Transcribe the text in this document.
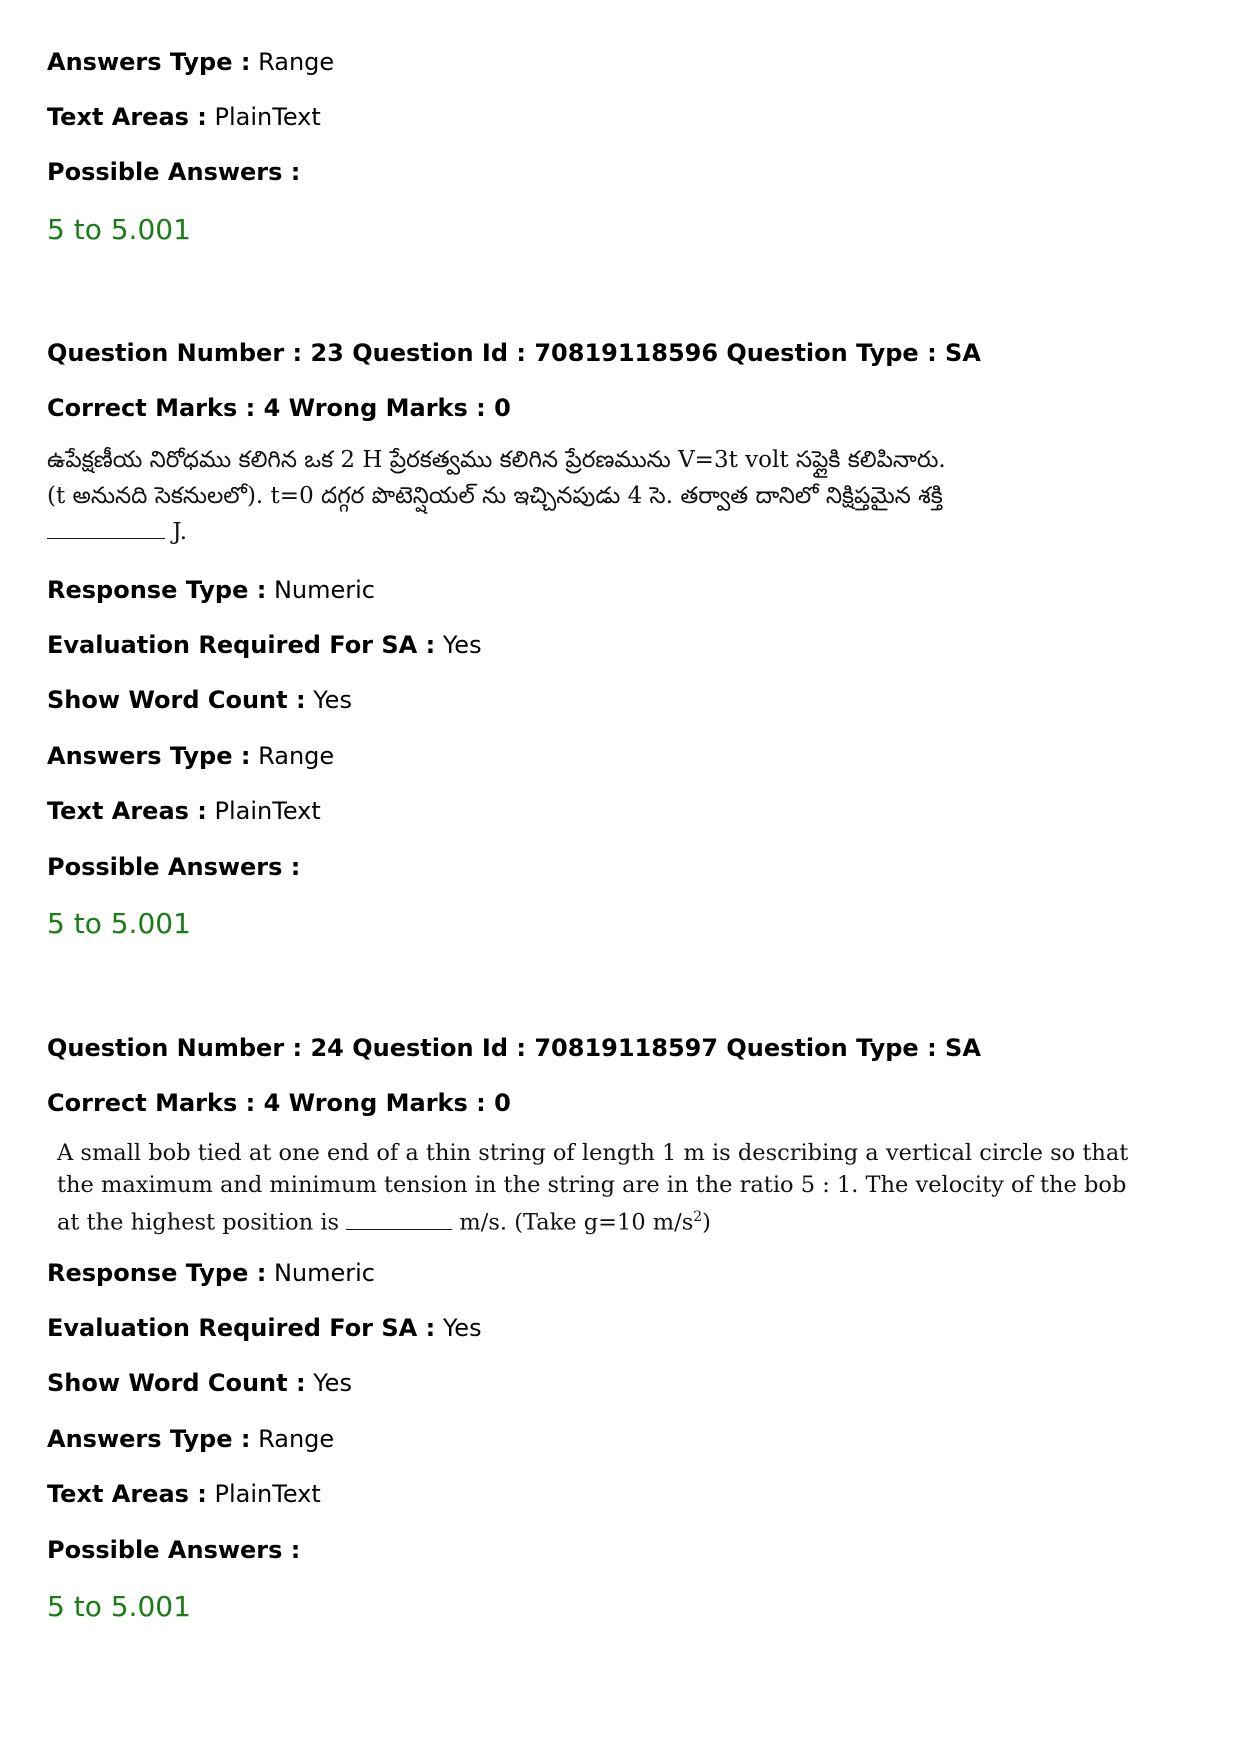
Answers Type : Range
Text Areas : PlainText
Possible Answers :
5 to 5.001
Question Number : 23 Question Id : 70819118596 Question Type : SA
Correct Marks : 4 Wrong Marks : 0
ఉపేక్షణీయ నిరోధము కలిగిన ఒక 2 H ప్రేరకత్వము కలిగిన ప్రేరణమును V=3t volt సప్లైకి కలిపినారు.
(t అనునది సెకనులలో). t=0 దగ్గర పొటెన్షియల్ ను ఇచ్చినపుడు 4 సె. తర్వాత దానిలో నిక్షిప్తమైన శక్తి
J.
Response Type : Numeric
Evaluation Required For SA : Yes
Show Word Count : Yes
Answers Type : Range
Text Areas : PlainText
Possible Answers :
5 to 5.001
Question Number : 24 Question Id : 70819118597 Question Type : SA
Correct Marks : 4 Wrong Marks : 0
A small bob tied at one end of a thin string of length 1 m is describing a vertical circle so that
the maximum and minimum tension in the string are in the ratio 5 : 1. The velocity of the bob
at the highest position is	m/s. (Take g=10 $m/s^2$)
Response Type : Numeric
Evaluation Required For SA : Yes
Show Word Count : Yes
Answers Type : Range
Text Areas : PlainText
Possible Answers :
5 to 5.001
